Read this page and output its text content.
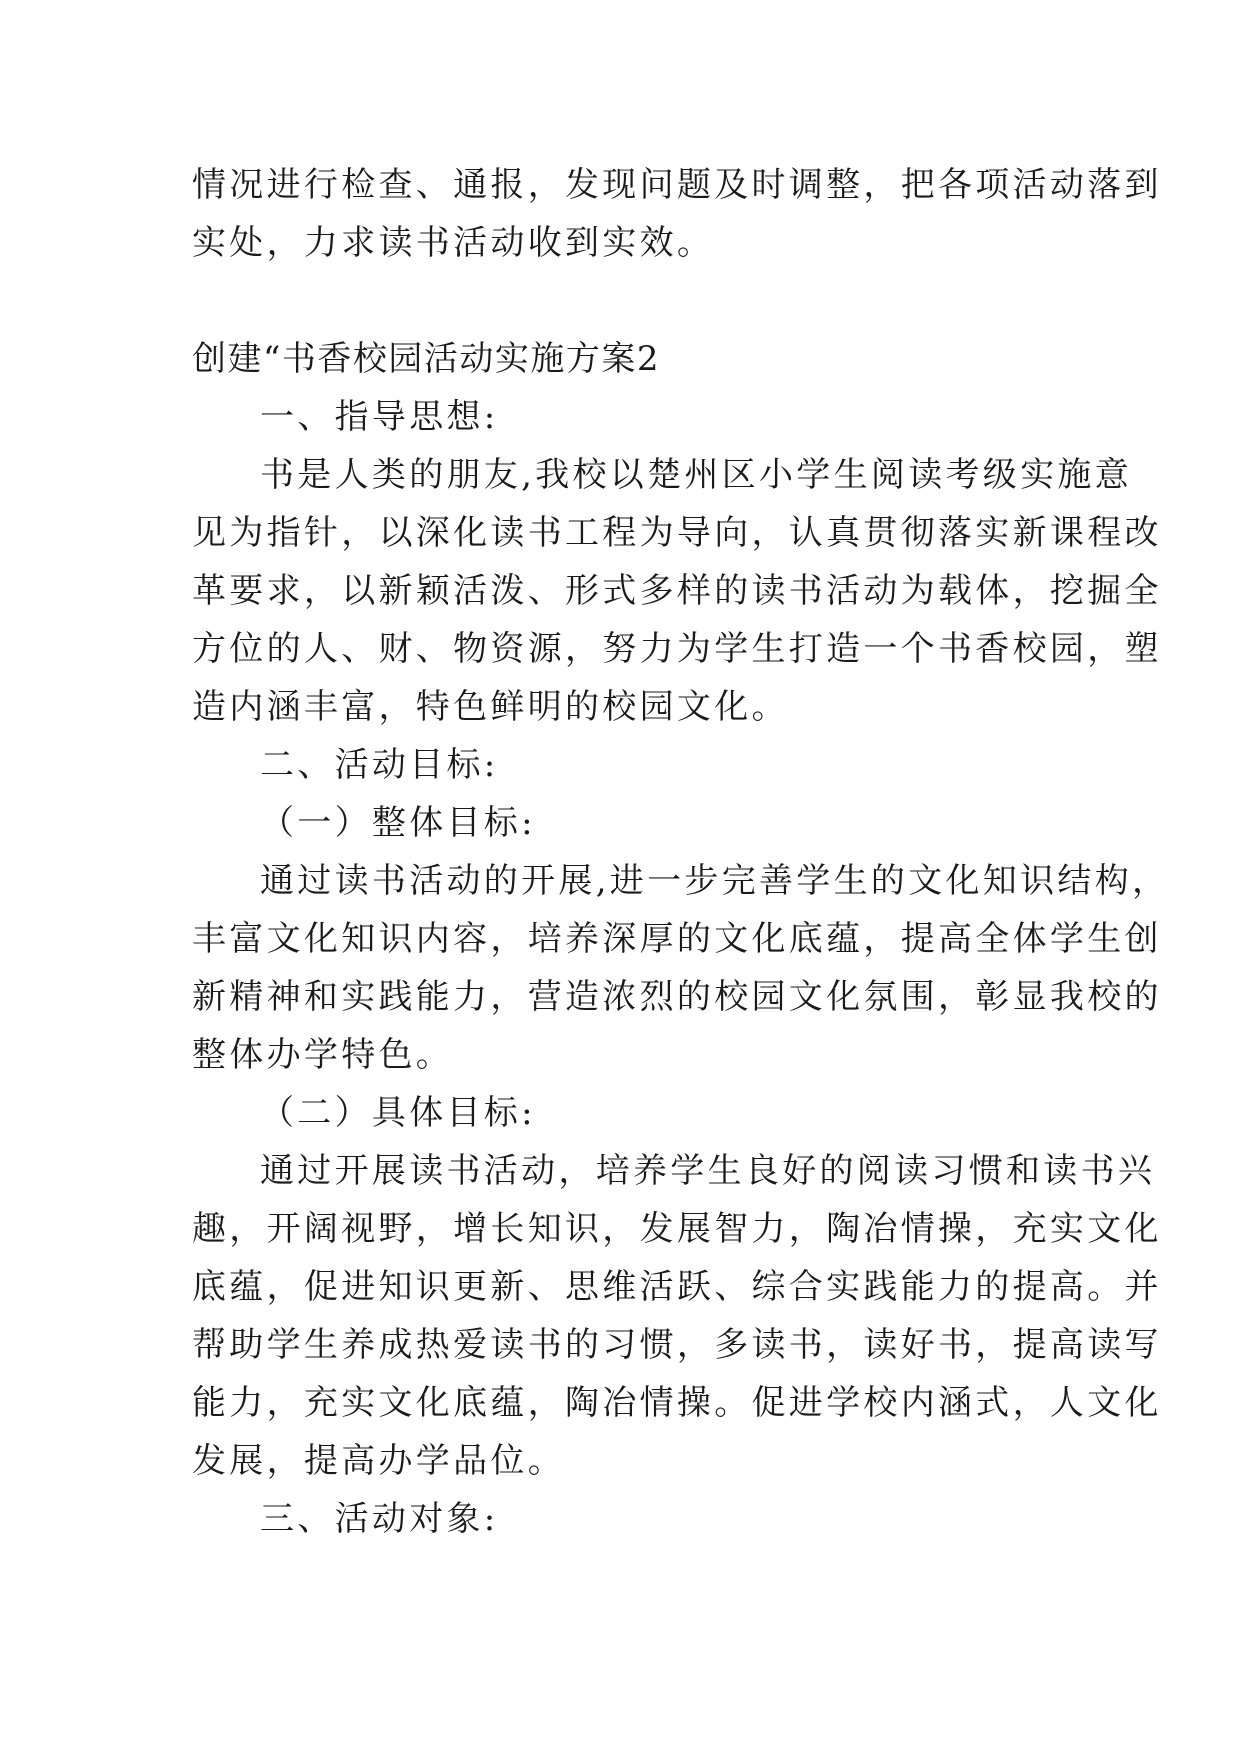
情况进行检查、通报，发现问题及时调整，把各项活动落到
实处，力求读书活动收到实效。
创建“书香校园活动实施方案2
一、指导思想:
书是人类的朋友,我校以楚州区小学生阅读考级实施意
见为指针，以深化读书工程为导向，认真贯彻落实新课程改
革要求，以新颖活泼、形式多样的读书活动为载体，挖掘全
方位的人、财、物资源，努力为学生打造一个书香校园，塑
造内涵丰富，特色鲜明的校园文化。
二、活动目标:
（一）整体目标:
通过读书活动的开展,进一步完善学生的文化知识结构，
丰富文化知识内容，培养深厚的文化底蕴，提高全体学生创
新精神和实践能力，营造浓烈的校园文化氛围，彰显我校的
整体办学特色。
（二）具体目标:
通过开展读书活动，培养学生良好的阅读习惯和读书兴
趣，开阔视野，增长知识，发展智力，陶冶情操，充实文化
底蕴，促进知识更新、思维活跃、综合实践能力的提高。并
帮助学生养成热爱读书的习惯，多读书，读好书，提高读写
能力，充实文化底蕴，陶冶情操。促进学校内涵式，人文化
发展，提高办学品位。
三、活动对象:
